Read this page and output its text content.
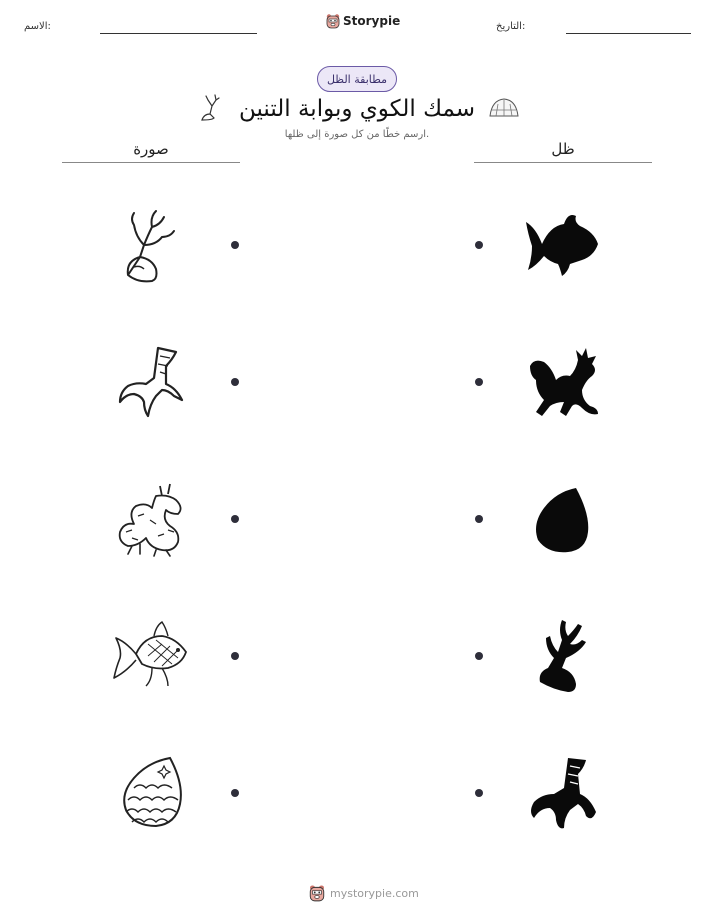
الاسم:	Storypie	التاريخ:
مطابقة الظل
سمك الكوي وبوابة التنين
ارسم خطًا من كل صورة إلى ظلها.
صورة	ظل
mystorypie.com
